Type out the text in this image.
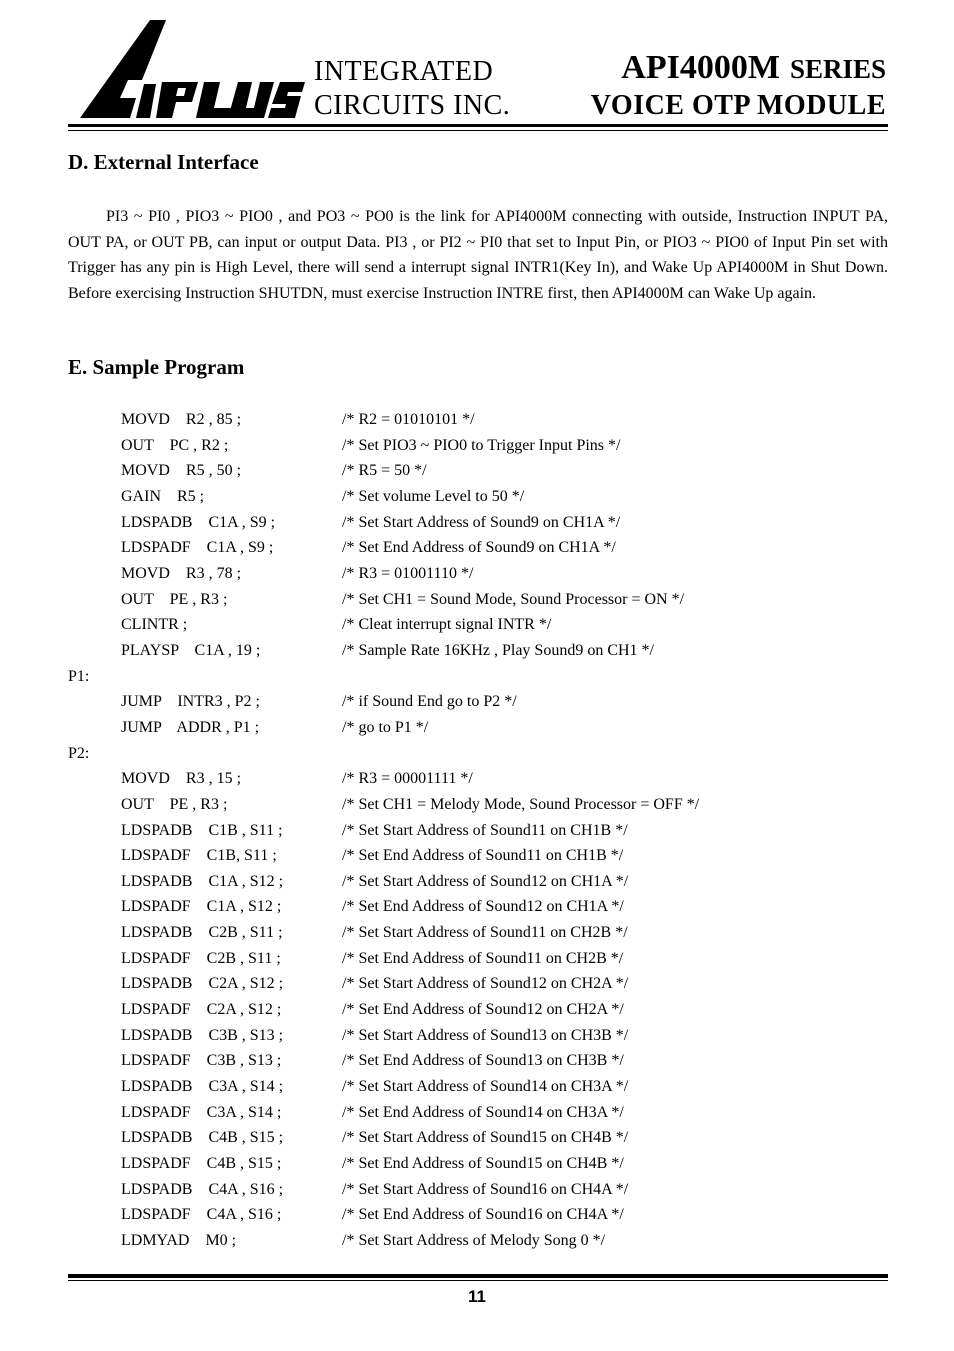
INTEGRATED
CIRCUITS INC.
API4000M SERIES
VOICE OTP MODULE
D. External Interface

PI3 ~ PI0 , PIO3 ~ PIO0 , and PO3 ~ PO0 is the link for API4000M connecting with outside, Instruction INPUT PA, OUT PA, or OUT PB, can input or output Data. PI3 , or PI2 ~ PI0 that set to Input Pin, or PIO3 ~ PIO0 of Input Pin set with Trigger has any pin is High Level, there will send a interrupt signal INTR1(Key In), and Wake Up API4000M in Shut Down. Before exercising Instruction SHUTDN, must exercise Instruction INTRE first, then API4000M can Wake Up again.

E. Sample Program
MOVD    R2 , 85 ;	/* R2 = 01010101 */
OUT    PC , R2 ;	/* Set PIO3 ~ PIO0 to Trigger Input Pins */
MOVD    R5 , 50 ;	/* R5 = 50 */
GAIN    R5 ;	/* Set volume Level to 50 */
LDSPADB    C1A , S9 ;	/* Set Start Address of Sound9 on CH1A */
LDSPADF    C1A , S9 ;	/* Set End Address of Sound9 on CH1A */
MOVD    R3 , 78 ;	/* R3 = 01001110 */
OUT    PE , R3 ;	/* Set CH1 = Sound Mode, Sound Processor = ON */
CLINTR ;	/* Cleat interrupt signal INTR */
PLAYSP    C1A , 19 ;	/* Sample Rate 16KHz , Play Sound9 on CH1 */
P1:
JUMP    INTR3 , P2 ;	/* if Sound End go to P2 */
JUMP    ADDR , P1 ;	/* go to P1 */
P2:
MOVD    R3 , 15 ;	/* R3 = 00001111 */
OUT    PE , R3 ;	/* Set CH1 = Melody Mode, Sound Processor = OFF */
LDSPADB    C1B , S11 ;	/* Set Start Address of Sound11 on CH1B */
LDSPADF    C1B, S11 ;	/* Set End Address of Sound11 on CH1B */
LDSPADB    C1A , S12 ;	/* Set Start Address of Sound12 on CH1A */
LDSPADF    C1A , S12 ;	/* Set End Address of Sound12 on CH1A */
LDSPADB    C2B , S11 ;	/* Set Start Address of Sound11 on CH2B */
LDSPADF    C2B , S11 ;	/* Set End Address of Sound11 on CH2B */
LDSPADB    C2A , S12 ;	/* Set Start Address of Sound12 on CH2A */
LDSPADF    C2A , S12 ;	/* Set End Address of Sound12 on CH2A */
LDSPADB    C3B , S13 ;	/* Set Start Address of Sound13 on CH3B */
LDSPADF    C3B , S13 ;	/* Set End Address of Sound13 on CH3B */
LDSPADB    C3A , S14 ;	/* Set Start Address of Sound14 on CH3A */
LDSPADF    C3A , S14 ;	/* Set End Address of Sound14 on CH3A */
LDSPADB    C4B , S15 ;	/* Set Start Address of Sound15 on CH4B */
LDSPADF    C4B , S15 ;	/* Set End Address of Sound15 on CH4B */
LDSPADB    C4A , S16 ;	/* Set Start Address of Sound16 on CH4A */
LDSPADF    C4A , S16 ;	/* Set End Address of Sound16 on CH4A */
LDMYAD    M0 ;	/* Set Start Address of Melody Song 0 */
11
